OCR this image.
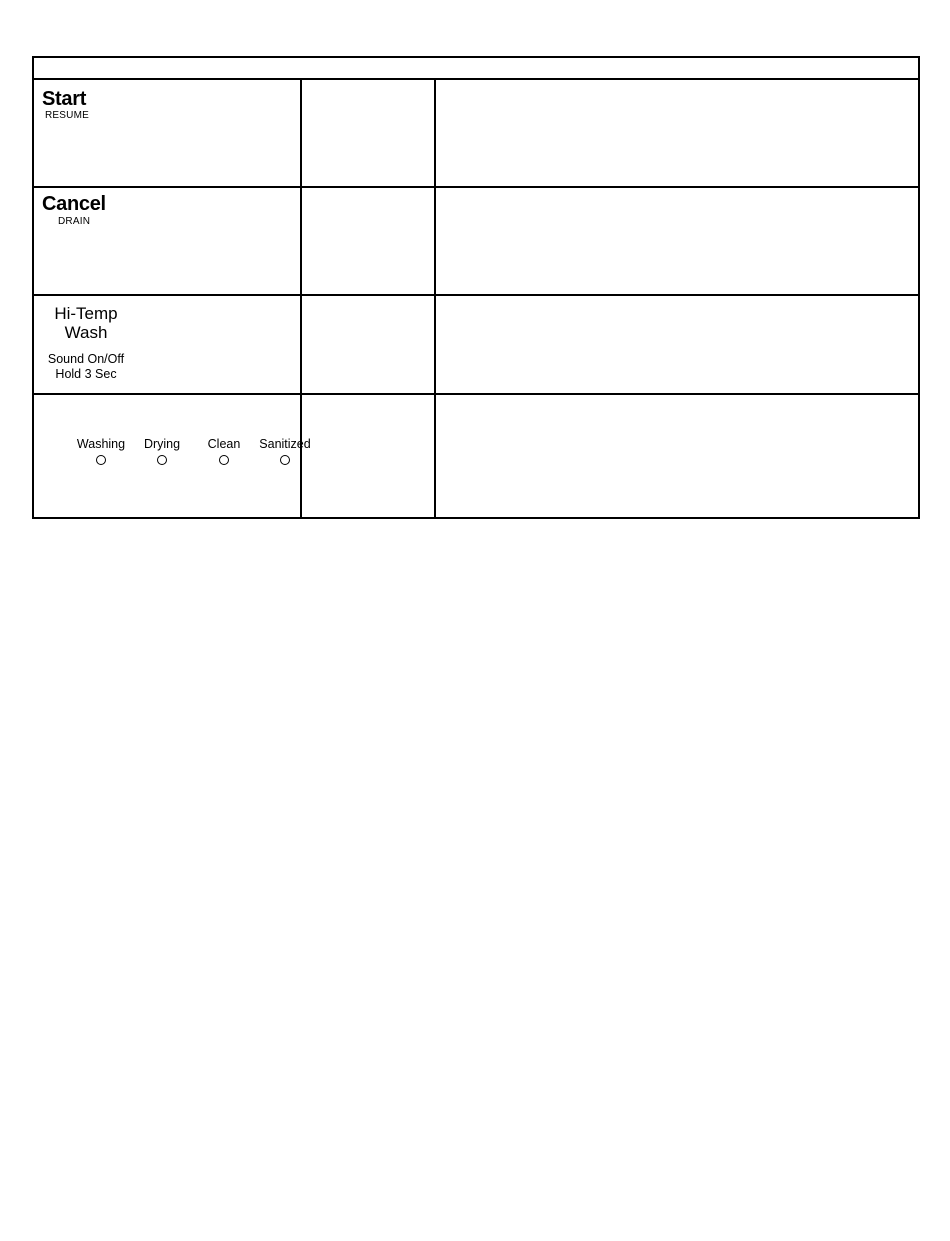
Start
RESUME		

Cancel
DRAIN		

Hi-Temp
Wash
Sound On/Off
Hold 3 Sec		

Washing Drying Clean Sanitized		
